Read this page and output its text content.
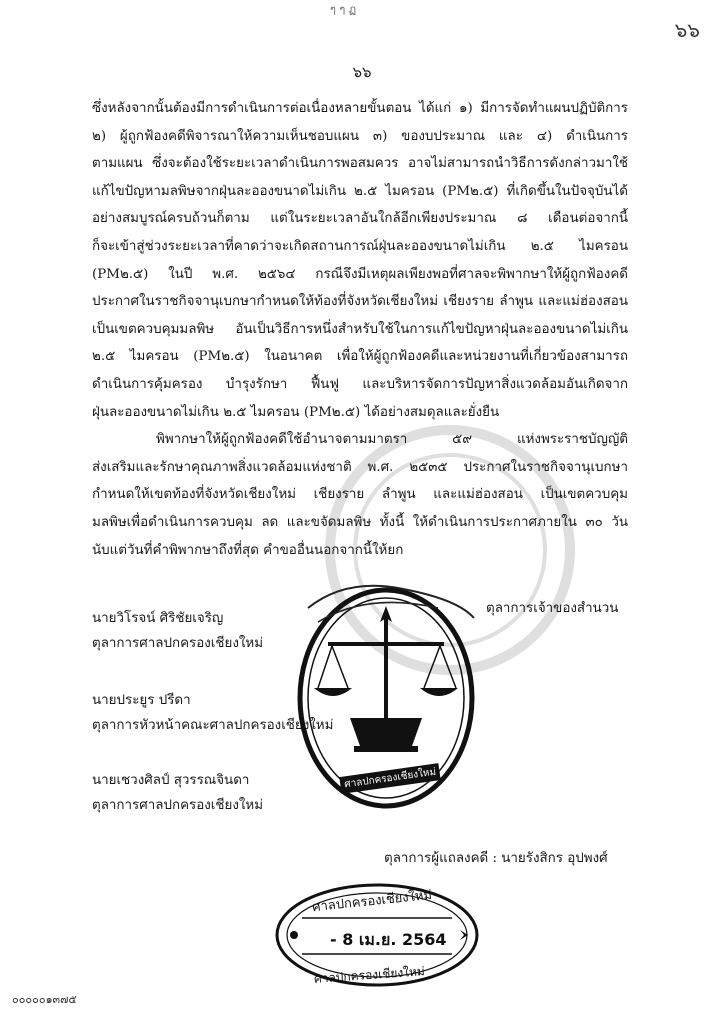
ๆ ๆ ฏ
๖๖
๖๖
ซึ่งหลังจากนั้นต้องมีการดำเนินการต่อเนื่องหลายขั้นตอน ได้แก่ ๑) มีการจัดทำแผนปฏิบัติการ
๒) ผู้ถูกฟ้องคดีพิจารณาให้ความเห็นชอบแผน ๓) ของบประมาณ และ ๔) ดำเนินการ
ตามแผน ซึ่งจะต้องใช้ระยะเวลาดำเนินการพอสมควร อาจไม่สามารถนำวิธีการดังกล่าวมาใช้
แก้ไขปัญหามลพิษจากฝุ่นละอองขนาดไม่เกิน ๒.๕ ไมครอน (PM๒.๕) ที่เกิดขึ้นในปัจจุบันได้
อย่างสมบูรณ์ครบถ้วนก็ตาม แต่ในระยะเวลาอันใกล้อีกเพียงประมาณ ๘ เดือนต่อจากนี้
ก็จะเข้าสู่ช่วงระยะเวลาที่คาดว่าจะเกิดสถานการณ์ฝุ่นละอองขนาดไม่เกิน ๒.๕ ไมครอน
(PM๒.๕) ในปี พ.ศ. ๒๕๖๔ กรณีจึงมีเหตุผลเพียงพอที่ศาลจะพิพากษาให้ผู้ถูกฟ้องคดี
ประกาศในราชกิจจานุเบกษากำหนดให้ท้องที่จังหวัดเชียงใหม่ เชียงราย ลำพูน และแม่ฮ่องสอน
เป็นเขตควบคุมมลพิษ อันเป็นวิธีการหนึ่งสำหรับใช้ในการแก้ไขปัญหาฝุ่นละอองขนาดไม่เกิน
๒.๕ ไมครอน (PM๒.๕) ในอนาคต เพื่อให้ผู้ถูกฟ้องคดีและหน่วยงานที่เกี่ยวข้องสามารถ
ดำเนินการคุ้มครอง บำรุงรักษา ฟื้นฟู และบริหารจัดการปัญหาสิ่งแวดล้อมอันเกิดจาก
ฝุ่นละอองขนาดไม่เกิน ๒.๕ ไมครอน (PM๒.๕) ได้อย่างสมดุลและยั่งยืน
พิพากษาให้ผู้ถูกฟ้องคดีใช้อำนาจตามมาตรา ๕๙ แห่งพระราชบัญญัติ
ส่งเสริมและรักษาคุณภาพสิ่งแวดล้อมแห่งชาติ พ.ศ. ๒๕๓๕ ประกาศในราชกิจจานุเบกษา
กำหนดให้เขตท้องที่จังหวัดเชียงใหม่ เชียงราย ลำพูน และแม่ฮ่องสอน เป็นเขตควบคุม
มลพิษเพื่อดำเนินการควบคุม ลด และขจัดมลพิษ ทั้งนี้ ให้ดำเนินการประกาศภายใน ๓๐ วัน
นับแต่วันที่คำพิพากษาถึงที่สุด คำขออื่นนอกจากนี้ให้ยก
นายวิโรจน์ ศิริชัยเจริญ
ตุลาการศาลปกครองเชียงใหม่
ตุลาการเจ้าของสำนวน
นายประยูร ปรีดา
ตุลาการหัวหน้าคณะศาลปกครองเชียงใหม่
นายเชวงศิลป์ สุวรรณจินดา
ตุลาการศาลปกครองเชียงใหม่
ตุลาการผู้แถลงคดี : นายรังสิกร อุปพงศ์
ศาลปกครองเชียงใหม่
ศาลปกครองเชียงใหม่
- 8 เม.ย. 2564
ศาลปกครองเชียงใหม่
๐๐๐๐๐๑๓๗๕
